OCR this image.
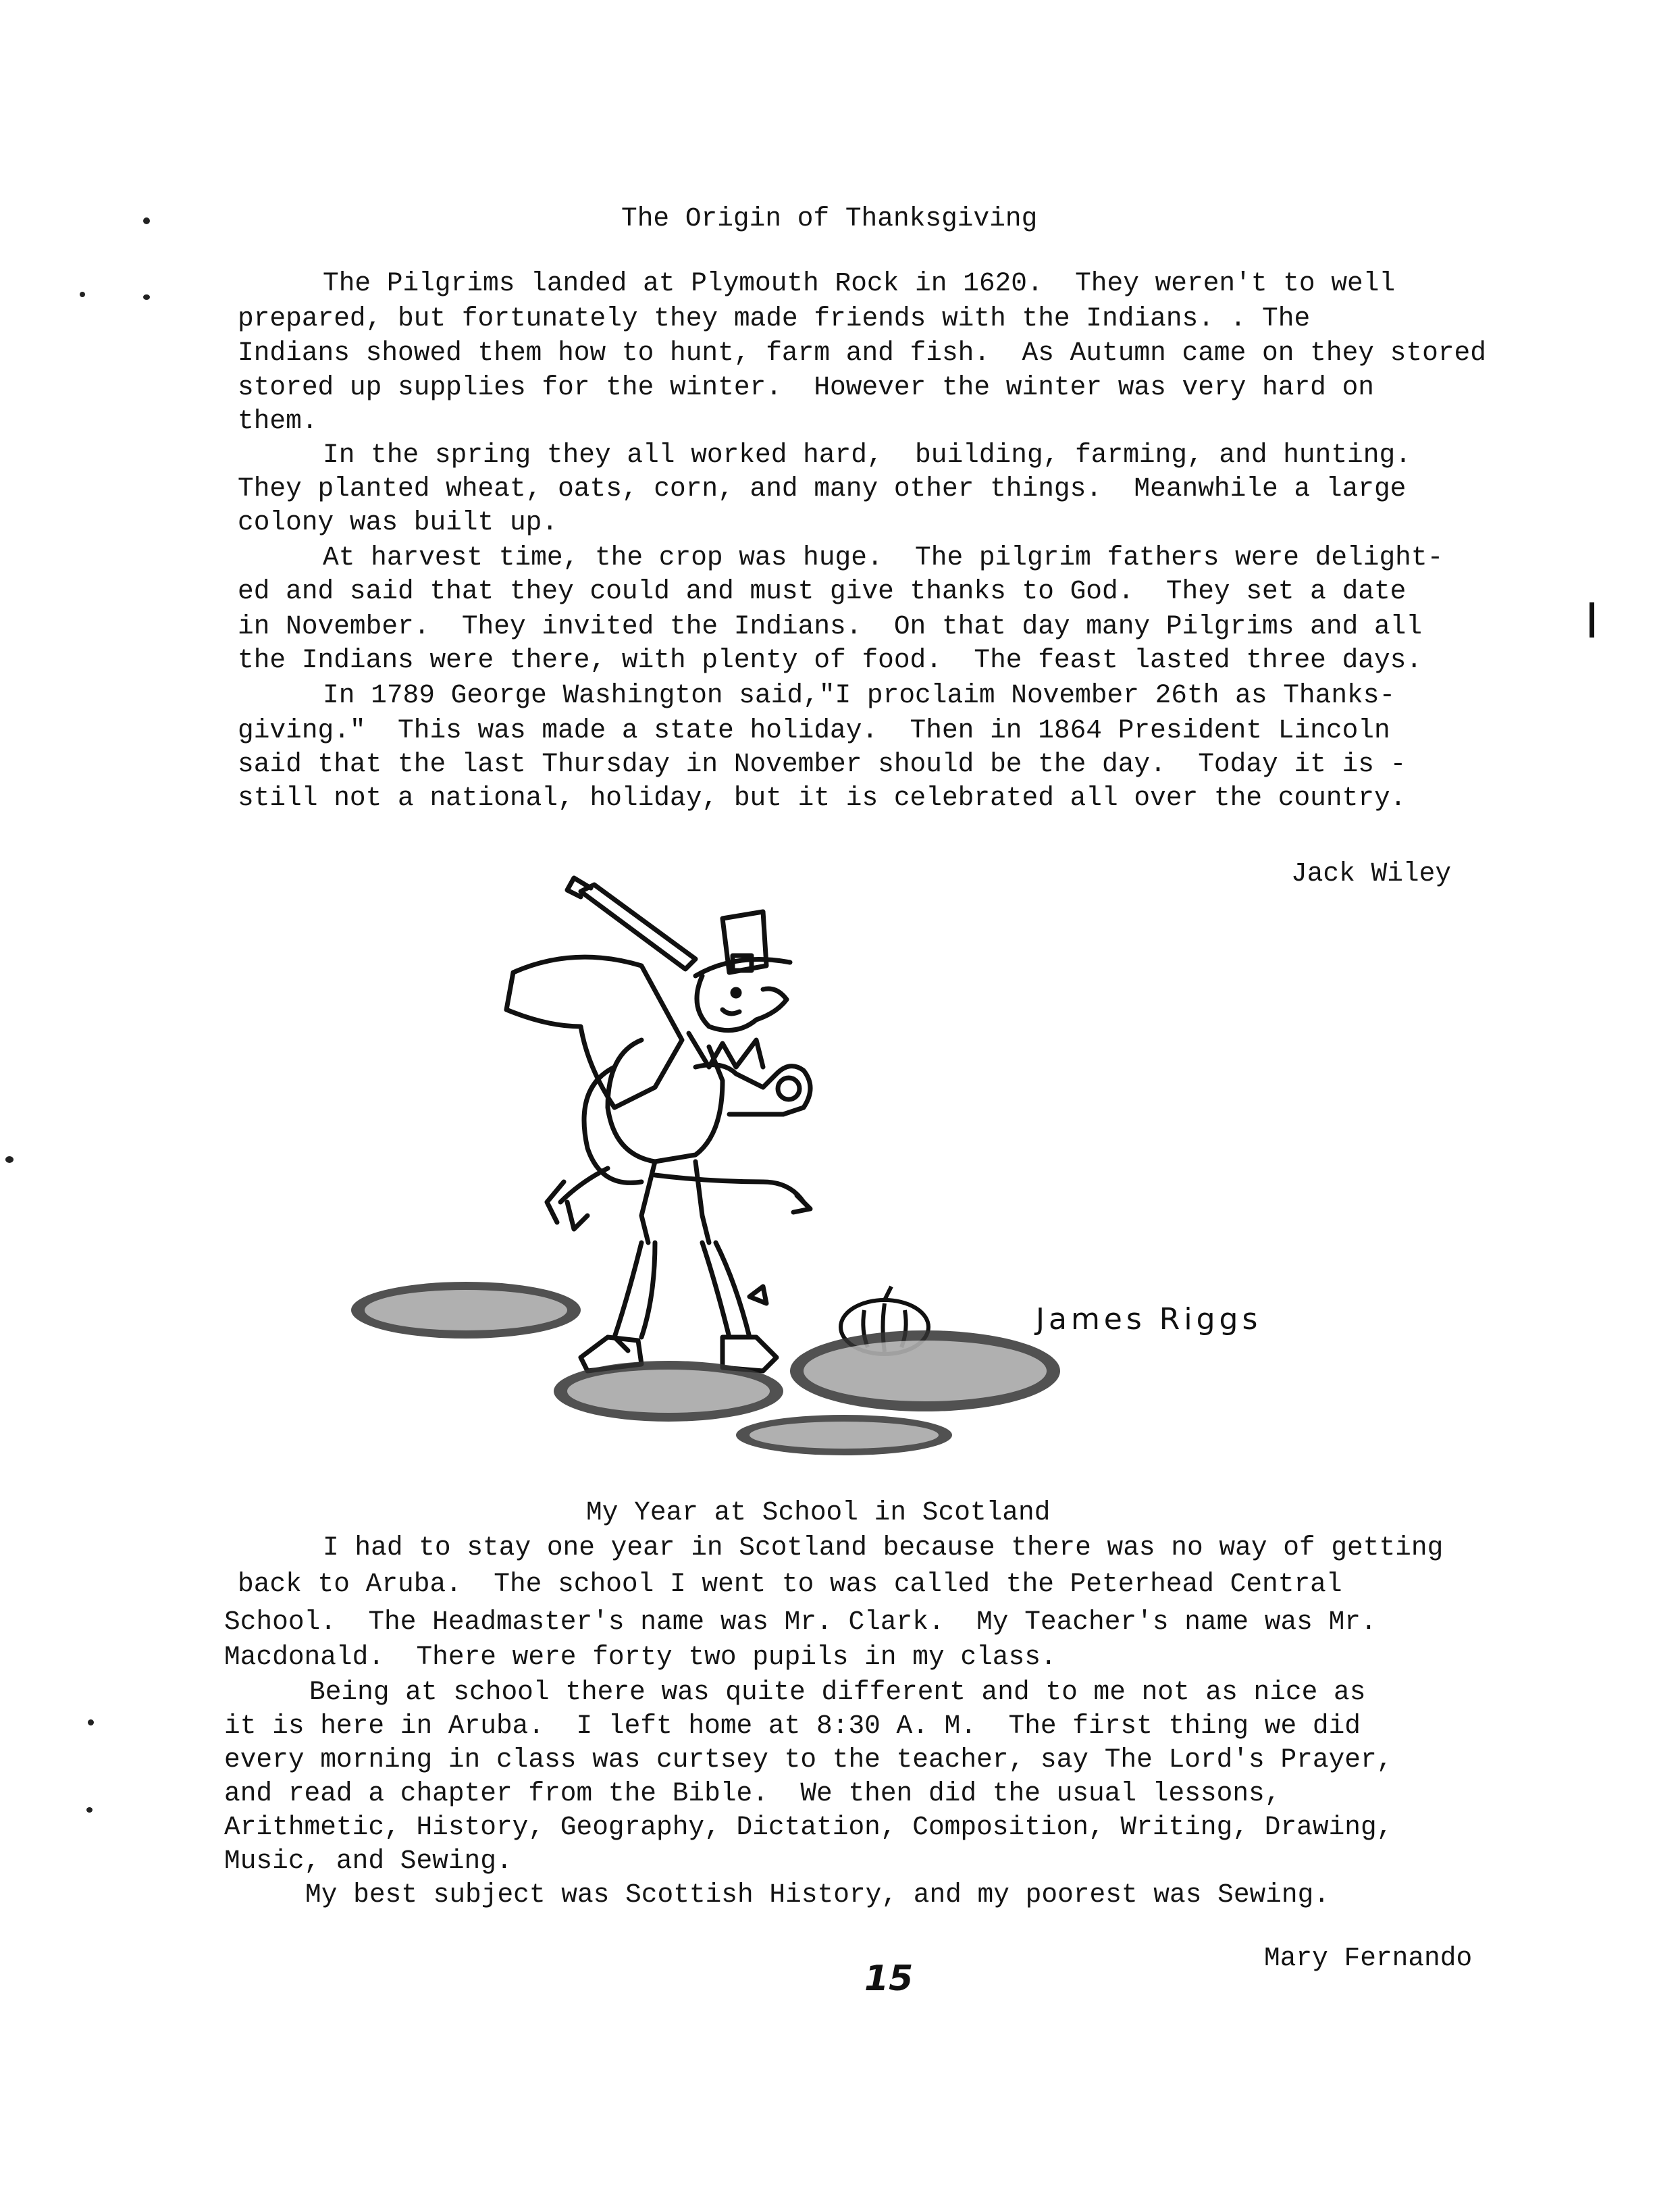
The Origin of Thanksgiving
The Pilgrims landed at Plymouth Rock in 1620.  They weren't to well
prepared, but fortunately they made friends with the Indians. . The
Indians showed them how to hunt, farm and fish.  As Autumn came on they stored
stored up supplies for the winter.  However the winter was very hard on
them.
In the spring they all worked hard,  building, farming, and hunting.
They planted wheat, oats, corn, and many other things.  Meanwhile a large
colony was built up.
At harvest time, the crop was huge.  The pilgrim fathers were delight-
ed and said that they could and must give thanks to God.  They set a date
in November.  They invited the Indians.  On that day many Pilgrims and all
the Indians were there, with plenty of food.  The feast lasted three days.
In 1789 George Washington said,"I proclaim November 26th as Thanks-
giving."  This was made a state holiday.  Then in 1864 President Lincoln
said that the last Thursday in November should be the day.  Today it is -
still not a national, holiday, but it is celebrated all over the country.
Jack Wiley
James Riggs
My Year at School in Scotland
I had to stay one year in Scotland because there was no way of getting
back to Aruba.  The school I went to was called the Peterhead Central
School.  The Headmaster's name was Mr. Clark.  My Teacher's name was Mr.
Macdonald.  There were forty two pupils in my class.
Being at school there was quite different and to me not as nice as
it is here in Aruba.  I left home at 8:30 A. M.  The first thing we did
every morning in class was curtsey to the teacher, say The Lord's Prayer,
and read a chapter from the Bible.  We then did the usual lessons,
Arithmetic, History, Geography, Dictation, Composition, Writing, Drawing,
Music, and Sewing.
My best subject was Scottish History, and my poorest was Sewing.
Mary Fernando
15
